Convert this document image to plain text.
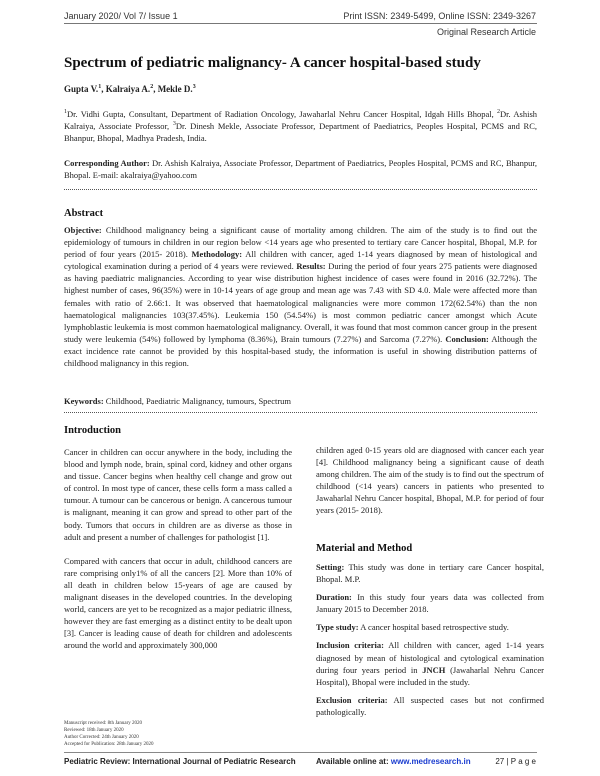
January 2020/ Vol 7/ Issue 1	Print ISSN: 2349-5499, Online ISSN: 2349-3267
Original Research Article
Spectrum of pediatric malignancy- A cancer hospital-based study
Gupta V.$^1$, Kalraiya A.$^2$, Mekle D.$^3$
$^1$Dr. Vidhi Gupta, Consultant, Department of Radiation Oncology, Jawaharlal Nehru Cancer Hospital, Idgah Hills Bhopal, $^2$Dr. Ashish Kalraiya, Associate Professor, $^3$Dr. Dinesh Mekle, Associate Professor, Department of Paediatrics, Peoples Hospital, PCMS and RC, Bhanpur, Bhopal, Madhya Pradesh, India.
Corresponding Author: Dr. Ashish Kalraiya, Associate Professor, Department of Paediatrics, Peoples Hospital, PCMS and RC, Bhanpur, Bhopal. E-mail: akalraiya@yahoo.com
Abstract
Objective: Childhood malignancy being a significant cause of mortality among children. The aim of the study is to find out the epidemiology of tumours in children in our region below <14 years age who presented to tertiary care Cancer hospital, Bhopal, M.P. for period of four years (2015- 2018). Methodology: All children with cancer, aged 1-14 years diagnosed by mean of histological and cytological examination during a period of 4 years were reviewed. Results: During the period of four years 275 patients were diagnosed as having paediatric malignancies. According to year wise distribution highest incidence of cases were found in 2016 (32.72%). The highest number of cases, 96(35%) were in 10-14 years of age group and mean age was 7.43 with SD 4.0. Male were affected more than females with ratio of 2.66:1. It was observed that haematological malignancies were more common 172(62.54%) than the non haematological malignancies 103(37.45%). Leukemia 150 (54.54%) is most common pediatric cancer amongst which Acute lymphoblastic leukemia is most common haematological malignancy. Overall, it was found that most common cancer group in the present study were leukemia (54%) followed by lymphoma (8.36%), Brain tumours (7.27%) and Sarcoma (7.27%). Conclusion: Although the exact incidence rate cannot be provided by this hospital-based study, the information is useful in showing distribution patterns of childhood malignancy in this region.
Keywords: Childhood, Paediatric Malignancy, tumours, Spectrum
Introduction

Cancer in children can occur anywhere in the body, including the blood and lymph node, brain, spinal cord, kidney and other organs and tissue. Cancer begins when healthy cell change and grow out of control. In most type of cancer, these cells form a mass called a tumour. A tumour can be cancerous or benign. A cancerous tumour is malignant, meaning it can grow and spread to other part of the body. Tumors that occurs in children are as diverse as those in adult and present a number of challenges for pathologist [1].

Compared with cancers that occur in adult, childhood cancers are rare comprising only1% of all the cancers [2]. More than 10% of all death in children below 15-years of age are caused by malignant diseases in the developed countries. In the developing world, cancers are yet to be recognized as a major pediatric illness, however they are fast emerging as a distinct entity to be dealt upon [3]. Cancer is leading cause of death for children and adolescents around the world and approximately 300,000

children aged 0-15 years old are diagnosed with cancer each year [4]. Childhood malignancy being a significant cause of death among children. The aim of the study is to find out the spectrum of childhood (<14 years) cancers in patients who presented to Jawaharlal Nehru Cancer hospital, Bhopal, M.P. for period of four years (2015- 2018).

Material and Method

Setting: This study was done in tertiary care Cancer hospital, Bhopal. M.P.

Duration: In this study four years data was collected from January 2015 to December 2018.

Type study: A cancer hospital based retrospective study.

Inclusion criteria: All children with cancer, aged 1-14 years diagnosed by mean of histological and cytological examination during four years period in JNCH (Jawaharlal Nehru Cancer Hospital), Bhopal were included in the study.

Exclusion criteria: All suspected cases but not confirmed pathologically.

Manuscript received: 8th January 2020
Reviewed: 18th January 2020
Author Corrected: 24th January 2020
Accepted for Publication: 28th January 2020
Pediatric Review: International Journal of Pediatric Research	Available online at: www.medresearch.in	27 | P a g e
